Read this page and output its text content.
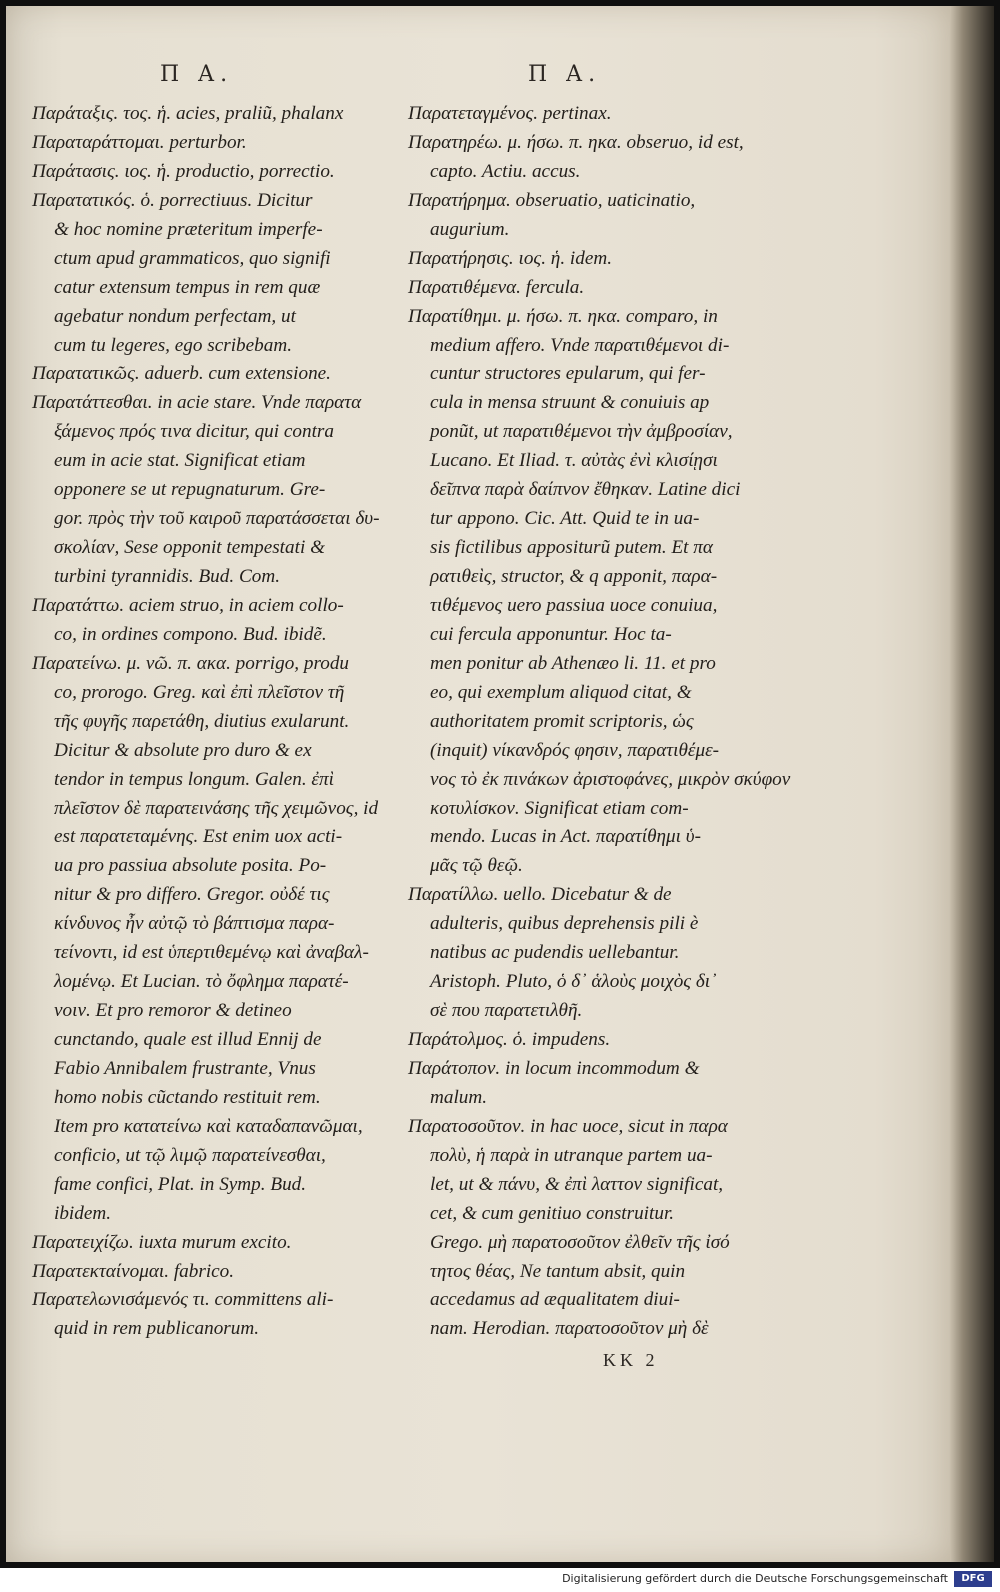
Π Α.	Π Α.
Παράταξις. τος. ἡ. acies, praliũ, phalanx
Παραταράττομαι. perturbor.
Παράτασις. ιος. ἡ. productio, porrectio.
Παρατατικός. ὁ. porrectiuus. Dicitur
& hoc nomine præteritum imperfe-
ctum apud grammaticos, quo signifi
catur extensum tempus in rem quæ
agebatur nondum perfectam, ut
cum tu legeres, ego scribebam.
Παρατατικῶς. aduerb. cum extensione.
Παρατάττεσθαι. in acie stare. Vnde παρατα
ξάμενος πρός τινα dicitur, qui contra
eum in acie stat. Significat etiam
opponere se ut repugnaturum. Gre-
gor. πρὸς τὴν τοῦ καιροῦ παρατάσσεται δυ-
σκολίαν, Sese opponit tempestati &
turbini tyrannidis. Bud. Com.
Παρατάττω. aciem struo, in aciem collo-
co, in ordines compono. Bud. ibidẽ.
Παρατείνω. μ. νῶ. π. ακα. porrigo, produ
co, prorogo. Greg. καὶ ἐπὶ πλεῖστον τῆ
τῆς φυγῆς παρετάθη, diutius exularunt.
Dicitur & absolute pro duro & ex
tendor in tempus longum. Galen. ἐπὶ
πλεῖστον δὲ παρατεινάσης τῆς χειμῶνος, id
est παρατεταμένης. Est enim uox acti-
ua pro passiua absolute posita. Po-
nitur & pro differo. Gregor. οὐδέ τις
κίνδυνος ἦν αὐτῷ τὸ βάπτισμα παρα-
τείνοντι, id est ὑπερτιθεμένῳ καὶ ἀναβαλ-
λομένῳ. Et Lucian. τὸ ὄφλημα παρατέ-
νοιν. Et pro remoror & detineo
cunctando, quale est illud Ennij de
Fabio Annibalem frustrante, Vnus
homo nobis cũctando restituit rem.
Item pro κατατείνω καὶ καταδαπανῶμαι,
conficio, ut τῷ λιμῷ παρατείνεσθαι,
fame confici, Plat. in Symp. Bud.
ibidem.
Παρατειχίζω. iuxta murum excito.
Παρατεκταίνομαι. fabrico.
Παρατελωνισάμενός τι. committens ali-
quid in rem publicanorum.
Παρατεταγμένος. pertinax.
Παρατηρέω. μ. ήσω. π. ηκα. obseruo, id est,
capto. Actiu. accus.
Παρατήρημα. obseruatio, uaticinatio,
augurium.
Παρατήρησις. ιος. ἡ. idem.
Παρατιθέμενα. fercula.
Παρατίθημι. μ. ήσω. π. ηκα. comparo, in
medium affero. Vnde παρατιθέμενοι di-
cuntur structores epularum, qui fer-
cula in mensa struunt & conuiuis ap
ponũt, ut παρατιθέμενοι τὴν ἀμβροσίαν,
Lucano. Et Iliad. τ. αὐτὰς ἐνὶ κλισίῃσι
δεῖπνα παρὰ δαίπνον ἔθηκαν. Latine dici
tur appono. Cic. Att. Quid te in ua-
sis fictilibus appositurũ putem. Et πα
ρατιθεὶς, structor, & q apponit, παρα-
τιθέμενος uero passiua uoce conuiua,
cui fercula apponuntur. Hoc ta-
men ponitur ab Athenæo li. 11. et pro
eo, qui exemplum aliquod citat, &
authoritatem promit scriptoris, ὡς
(inquit) νίκανδρός φησιν, παρατιθέμε-
νος τὸ ἐκ πινάκων ἀριστοφάνες, μικρὸν σκύφον
κοτυλίσκον. Significat etiam com-
mendo. Lucas in Act. παρατίθημι ὑ-
μᾶς τῷ θεῷ.
Παρατίλλω. uello. Dicebatur & de
adulteris, quibus deprehensis pili è
natibus ac pudendis uellebantur.
Aristoph. Pluto, ὁ δ᾽ ἁλοὺς μοιχὸς δι᾽
σὲ που παρατετιλθῆ.
Παράτολμος. ὁ. impudens.
Παράτοπον. in locum incommodum &
malum.
Παρατοσοῦτον. in hac uoce, sicut in παρα
πολὺ, ἡ παρὰ in utranque partem ua-
let, ut & πάνυ, & ἐπὶ λαττον significat,
cet, & cum genitiuo construitur.
Grego. μὴ παρατοσοῦτον ἐλθεῖν τῆς ἰσό
τητος θέας, Ne tantum absit, quin
accedamus ad æqualitatem diui-
nam. Herodian. παρατοσοῦτον μὴ δὲ
KK 2
Digitalisierung gefördert durch die Deutsche Forschungsgemeinschaft	DFG
